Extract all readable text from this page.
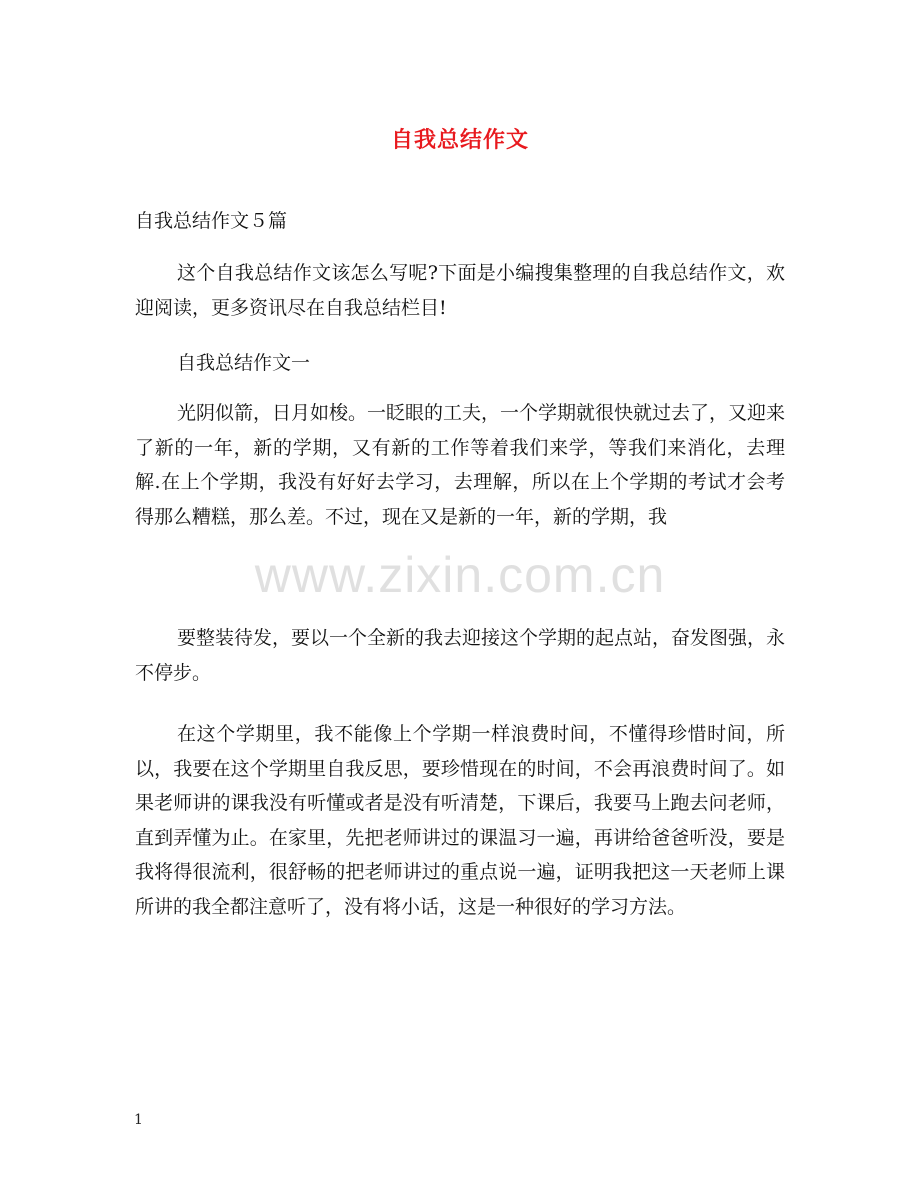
自我总结作文
自我总结作文５篇

这个自我总结作文该怎么写呢?下面是小编搜集整理的自我总结作文，欢迎阅读，更多资讯尽在自我总结栏目!

自我总结作文一

光阴似箭，日月如梭。一眨眼的工夫，一个学期就很快就过去了，又迎来了新的一年，新的学期，又有新的工作等着我们来学，等我们来消化，去理解.在上个学期，我没有好好去学习，去理解，所以在上个学期的考试才会考得那么糟糕，那么差。不过，现在又是新的一年，新的学期，我

要整装待发，要以一个全新的我去迎接这个学期的起点站，奋发图强，永不停步。

在这个学期里，我不能像上个学期一样浪费时间，不懂得珍惜时间，所以，我要在这个学期里自我反思，要珍惜现在的时间，不会再浪费时间了。如果老师讲的课我没有听懂或者是没有听清楚，下课后，我要马上跑去问老师，直到弄懂为止。在家里，先把老师讲过的课温习一遍，再讲给爸爸听没，要是我将得很流利，很舒畅的把老师讲过的重点说一遍，证明我把这一天老师上课所讲的我全都注意听了，没有将小话，这是一种很好的学习方法。

www.zixin.com.cn
1
